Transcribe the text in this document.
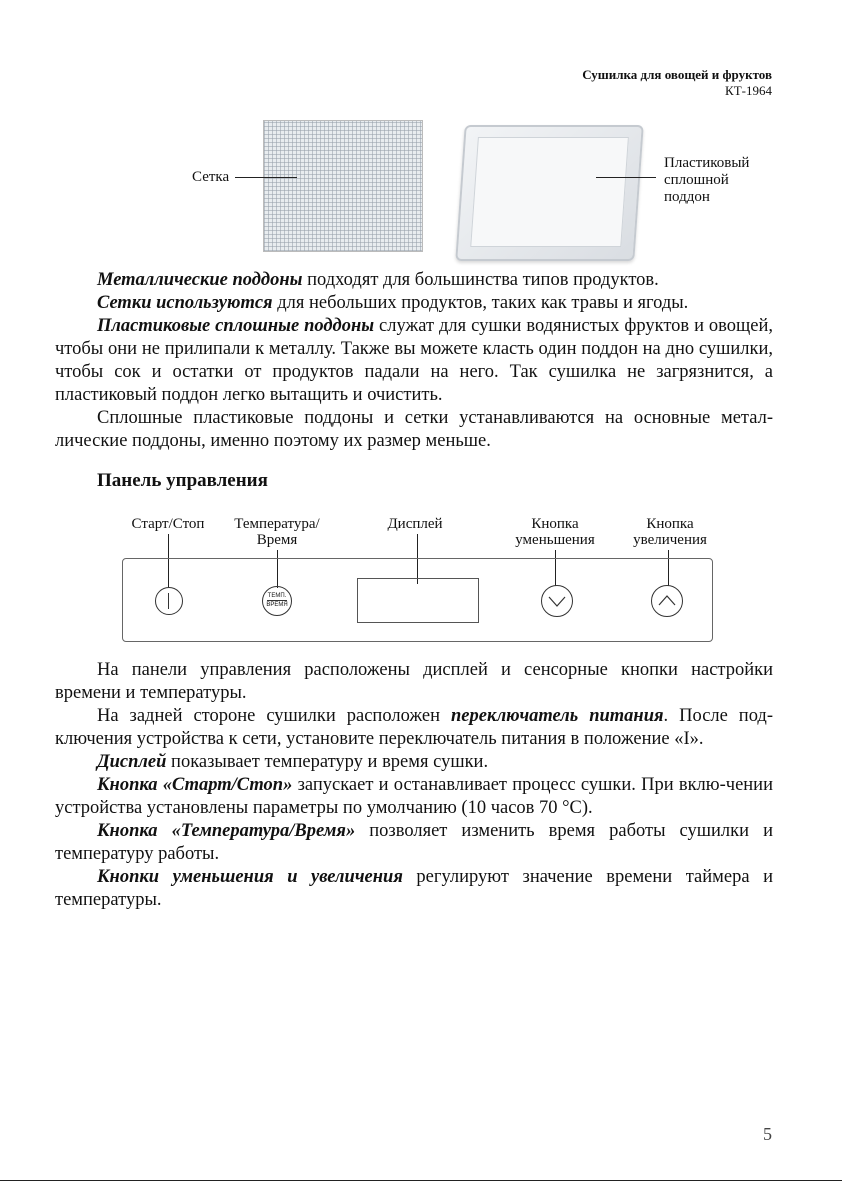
Сушилка для овощей и фруктов
КТ-1964
Сетка
Пластиковый
сплошной
поддон

Металлические поддоны подходят для большинства типов продуктов.

Сетки используются для небольших продуктов, таких как травы и ягоды.

Пластиковые сплошные поддоны служат для сушки водянистых фруктов и овощей, чтобы они не прилипали к металлу. Также вы можете класть один поддон на дно сушилки, чтобы сок и остатки от продуктов падали на него. Так сушилка не загрязнится, а пластиковый поддон легко вытащить и очистить.

Сплошные пластиковые поддоны и сетки устанавливаются на основные метал-лические поддоны, именно поэтому их размер меньше.

Панель управления
Старт/Стоп	Температура/
Время
Дисплей	Кнопка
уменьшения
Кнопка
увеличения
ТЕМП.
ВРЕМЯ

На панели управления расположены дисплей и сенсорные кнопки настройки времени и температуры.

На задней стороне сушилки расположен переключатель питания. После под-ключения устройства к сети, установите переключатель питания в положение «I».

Дисплей показывает температуру и время сушки.

Кнопка «Старт/Стоп» запускает и останавливает процесс сушки. При вклю-чении устройства установлены параметры по умолчанию (10 часов 70 °С).

Кнопка «Температура/Время» позволяет изменить время работы сушилки и температуру работы.

Кнопки уменьшения и увеличения регулируют значение времени таймера и температуры.

5
